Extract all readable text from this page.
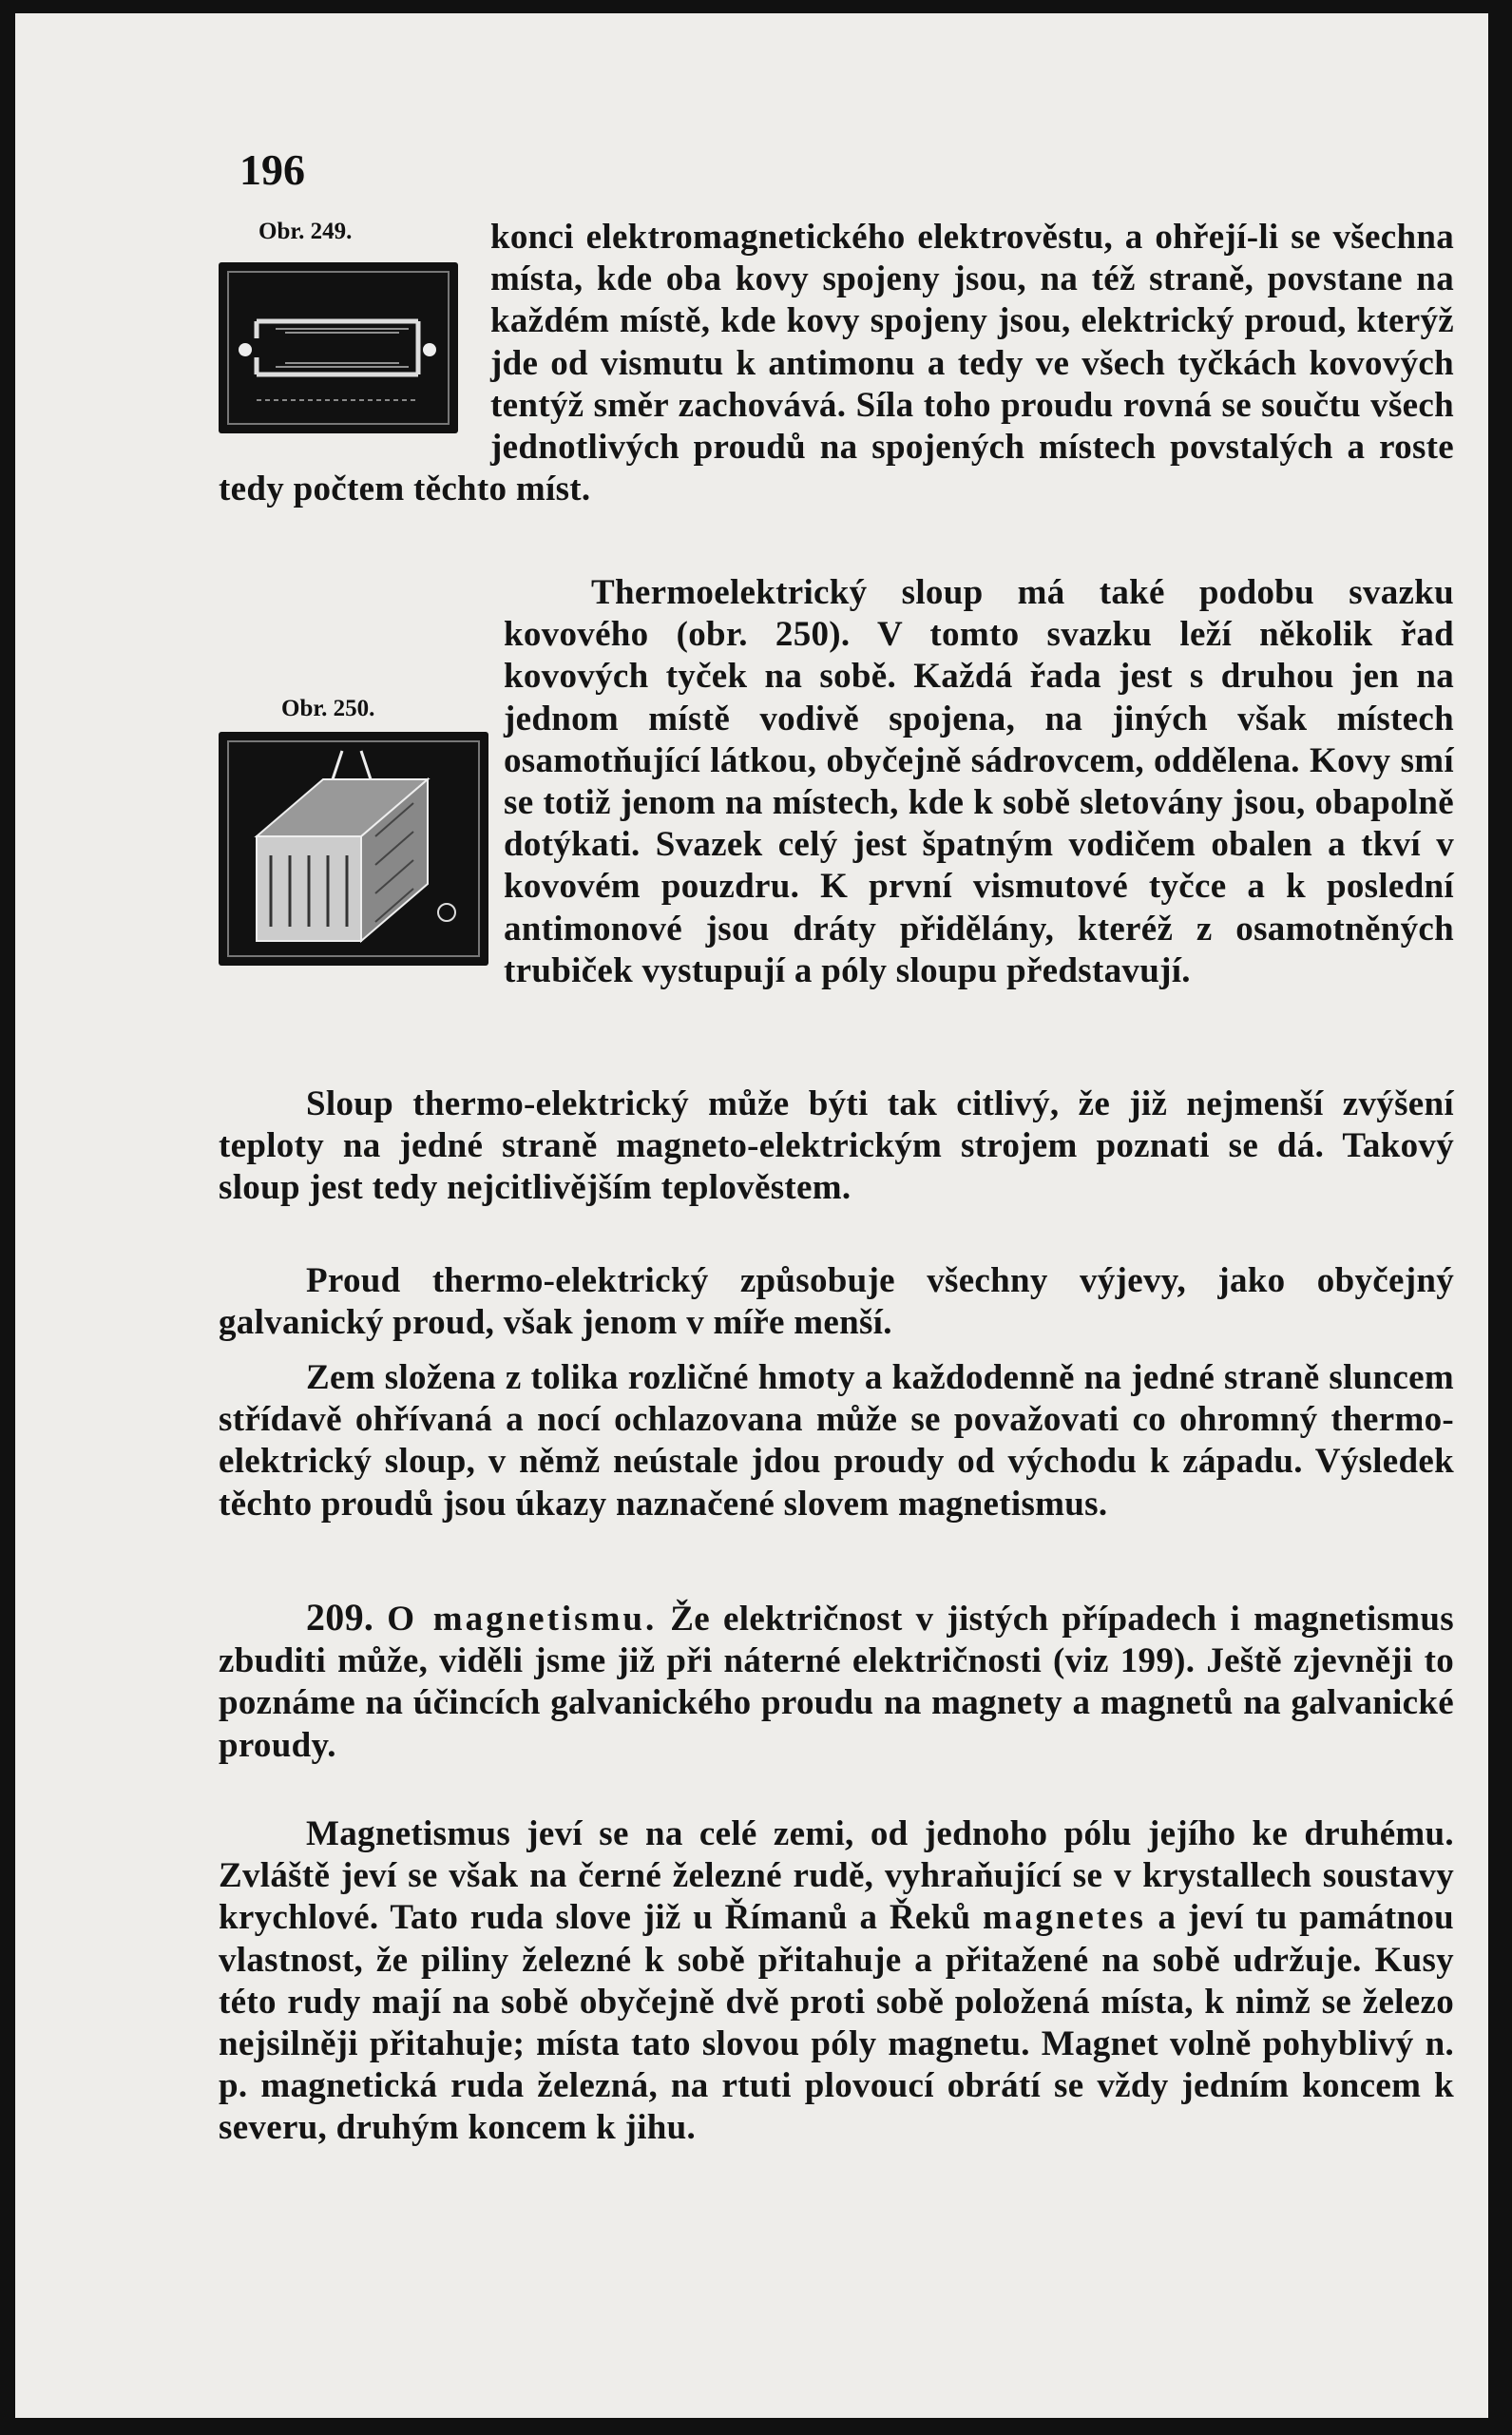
196
Obr. 249.
Obr. 250.

konci elektromagnetického elektrověstu, a ohřejí-li se všechna místa, kde oba kovy spojeny jsou, na též straně, povstane na každém místě, kde kovy spojeny jsou, elektrický proud, kterýž jde od vismutu k antimonu a tedy ve všech tyčkách kovových tentýž směr zachovává. Síla toho proudu rovná se součtu všech jednotlivých proudů na spojených místech povstalých a roste tedy počtem těchto míst.

Thermoelektrický sloup má také podobu svazku kovového (obr. 250). V tomto svazku leží několik řad kovových tyček na sobě. Každá řada jest s druhou jen na jednom místě vodivě spojena, na jiných však místech osamotňující látkou, obyčejně sádrovcem, oddělena. Kovy smí se totiž jenom na místech, kde k sobě sletovány jsou, obapolně dotýkati. Svazek celý jest špatným vodičem obalen a tkví v kovovém pouzdru. K první vismutové tyčce a k poslední antimonové jsou dráty přidělány, kteréž z osamotněných trubiček vystupují a póly sloupu představují.

Sloup thermo-elektrický může býti tak citlivý, že již nejmenší zvýšení teploty na jedné straně magneto-elektrickým strojem poznati se dá. Takový sloup jest tedy nejcitlivějším teplověstem.

Proud thermo-elektrický způsobuje všechny výjevy, jako obyčejný galvanický proud, však jenom v míře menší.

Zem složena z tolika rozličné hmoty a každodenně na jedné straně sluncem střídavě ohřívaná a nocí ochlazovana může se považovati co ohromný thermo-elektrický sloup, v němž neústale jdou proudy od východu k západu. Výsledek těchto proudů jsou úkazy naznačené slovem magnetismus.

209. O magnetismu. Že električnost v jistých případech i magnetismus zbuditi může, viděli jsme již při náterné električnosti (viz 199). Ještě zjevněji to poznáme na účincích galvanického proudu na magnety a magnetů na galvanické proudy.

Magnetismus jeví se na celé zemi, od jednoho pólu jejího ke druhému. Zvláště jeví se však na černé železné rudě, vyhraňující se v krystallech soustavy krychlové. Tato ruda slove již u Římanů a Řeků magnetes a jeví tu památnou vlastnost, že piliny železné k sobě přitahuje a přitažené na sobě udržuje. Kusy této rudy mají na sobě obyčejně dvě proti sobě položená místa, k nimž se železo nejsilněji přitahuje; místa tato slovou póly magnetu. Magnet volně pohyblivý n. p. magnetická ruda železná, na rtuti plovoucí obrátí se vždy jedním koncem k severu, druhým koncem k jihu.
